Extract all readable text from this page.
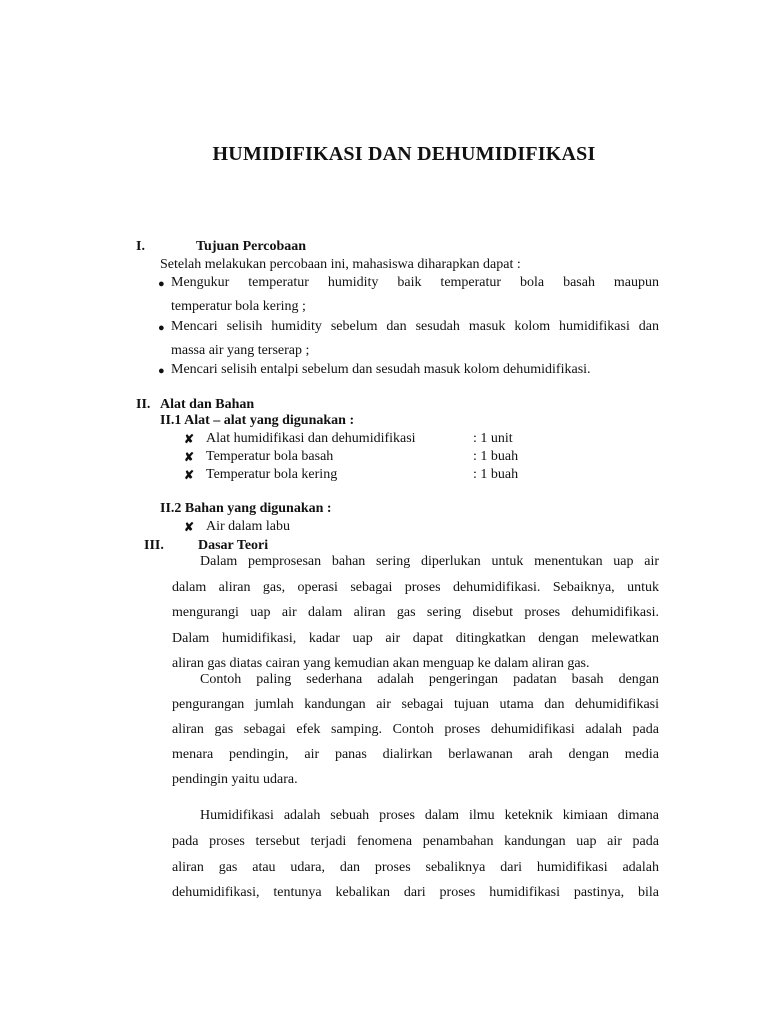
HUMIDIFIKASI DAN DEHUMIDIFIKASI
I.	Tujuan Percobaan
Setelah melakukan percobaan ini, mahasiswa diharapkan dapat :
● Mengukur temperatur humidity baik temperatur bola basah maupun
temperatur bola kering ;
● Mencari selisih humidity sebelum dan sesudah masuk kolom humidifikasi dan
massa air yang terserap ;
● Mencari selisih entalpi sebelum dan sesudah masuk kolom dehumidifikasi.
II. Alat dan Bahan
II.1 Alat – alat yang digunakan :
✘ Alat humidifikasi dan dehumidifikasi	: 1 unit
✘ Temperatur bola basah	: 1 buah
✘ Temperatur bola kering	: 1 buah
II.2 Bahan yang digunakan :
✘ Air dalam labu
III. Dasar Teori
Dalam pemprosesan bahan sering diperlukan untuk menentukan uap air
dalam aliran gas, operasi sebagai proses dehumidifikasi. Sebaiknya, untuk
mengurangi uap air dalam aliran gas sering disebut proses dehumidifikasi.
Dalam humidifikasi, kadar uap air dapat ditingkatkan dengan melewatkan
aliran gas diatas cairan yang kemudian akan menguap ke dalam aliran gas.
Contoh paling sederhana adalah pengeringan padatan basah dengan
pengurangan jumlah kandungan air sebagai tujuan utama dan dehumidifikasi
aliran gas sebagai efek samping. Contoh proses dehumidifikasi adalah pada
menara pendingin, air panas dialirkan berlawanan arah dengan media
pendingin yaitu udara.
Humidifikasi adalah sebuah proses dalam ilmu keteknik kimiaan dimana
pada proses tersebut terjadi fenomena penambahan kandungan uap air pada
aliran gas atau udara, dan proses sebaliknya dari humidifikasi adalah
dehumidifikasi, tentunya kebalikan dari proses humidifikasi pastinya, bila
